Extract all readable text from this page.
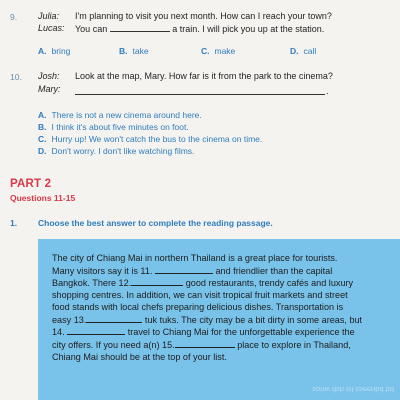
9. Julia: I'm planning to visit you next month. How can I reach your town?
Lucas: You can	a train. I will pick you up at the station.
A. bring	B. take	C. make	D. call
10. Josh: Look at the map, Mary. How far is it from the park to the cinema?
Mary:	.
A. There is not a new cinema around here.
B. I think it's about five minutes on foot.
C. Hurry up! We won't catch the bus to the cinema on time.
D. Don't worry. I don't like watching films.
PART 2
Questions 11-15
1. Choose the best answer to complete the reading passage.
The city of Chiang Mai in northern Thailand is a great place for tourists.
Many visitors say it is 11.	and friendlier than the capital
Bangkok. There 12.	good restaurants, trendy cafés and luxury
shopping centres. In addition, we can visit tropical fruit markets and street
food stands with local chefs preparing delicious dishes. Transportation is
easy 13.	tuk tuks. The city may be a bit dirty in some areas, but
14.	travel to Chiang Mai for the unforgettable experience the
city offers. If you need a(n) 15.	place to explore in Thailand,
Chiang Mai should be at the top of your list.
sonw dsh sil sseenbd bd
